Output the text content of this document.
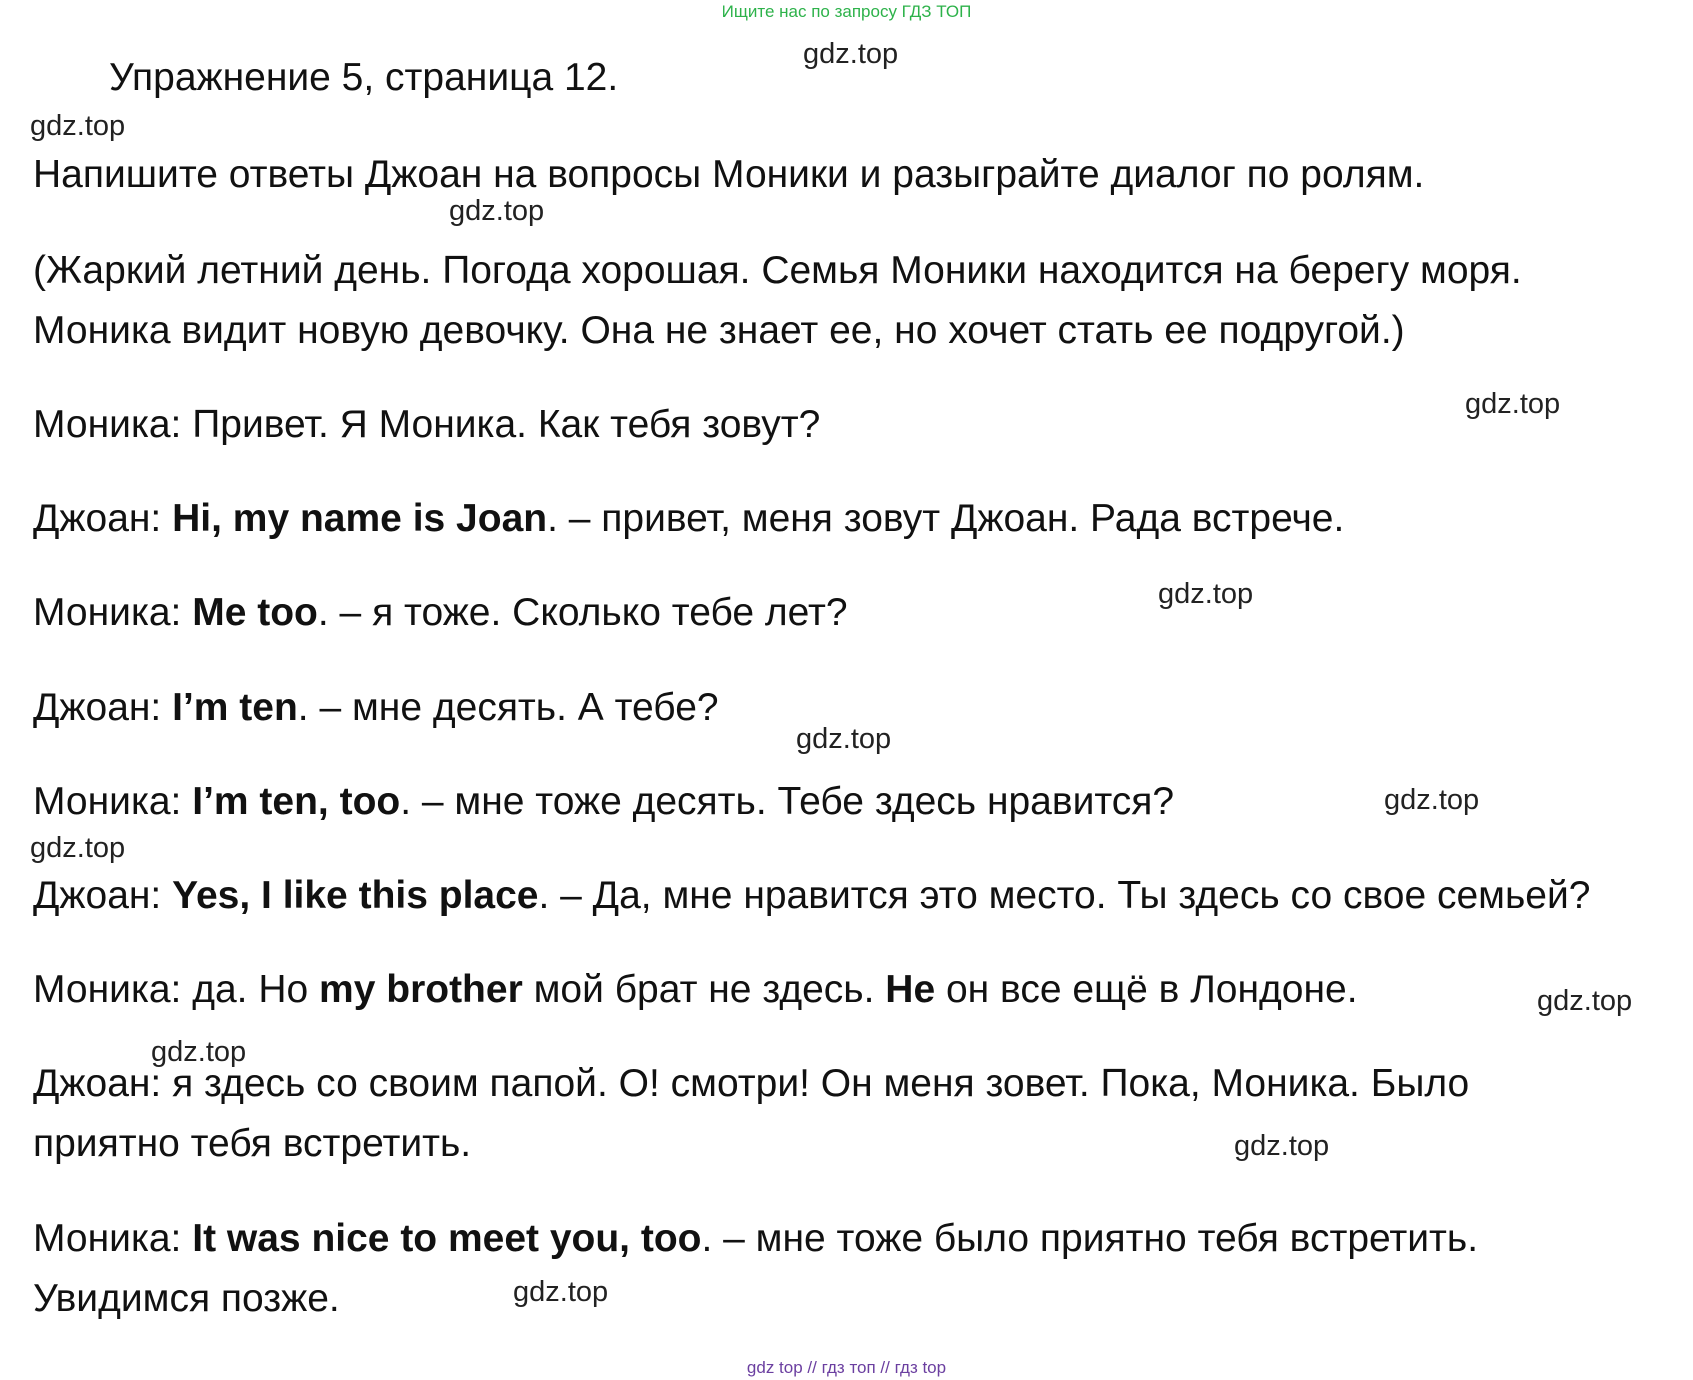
Ищите нас по запросу ГДЗ ТОП
Упражнение 5, страница 12.
Напишите ответы Джоан на вопросы Моники и разыграйте диалог по ролям.
(Жаркий летний день. Погода хорошая. Семья Моники находится на берегу моря.
Моника видит новую девочку. Она не знает ее, но хочет стать ее подругой.)
Моника: Привет. Я Моника. Как тебя зовут?
Джоан: Hi, my name is Joan. – привет, меня зовут Джоан. Рада встрече.
Моника: Me too. – я тоже. Сколько тебе лет?
Джоан: I’m ten. – мне десять. А тебе?
Моника: I’m ten, too. – мне тоже десять. Тебе здесь нравится?
Джоан: Yes, I like this place. – Да, мне нравится это место. Ты здесь со свое семьей?
Моника: да. Но my brother мой брат не здесь. He он все ещё в Лондоне.
Джоан: я здесь со своим папой. О! смотри! Он меня зовет. Пока, Моника. Было
приятно тебя встретить.
Моника: It was nice to meet you, too. – мне тоже было приятно тебя встретить.
Увидимся позже.
gdz.top
gdz.top
gdz.top
gdz.top
gdz.top
gdz.top
gdz.top
gdz.top
gdz.top
gdz.top
gdz.top
gdz.top
gdz top // гдз топ // гдз top
